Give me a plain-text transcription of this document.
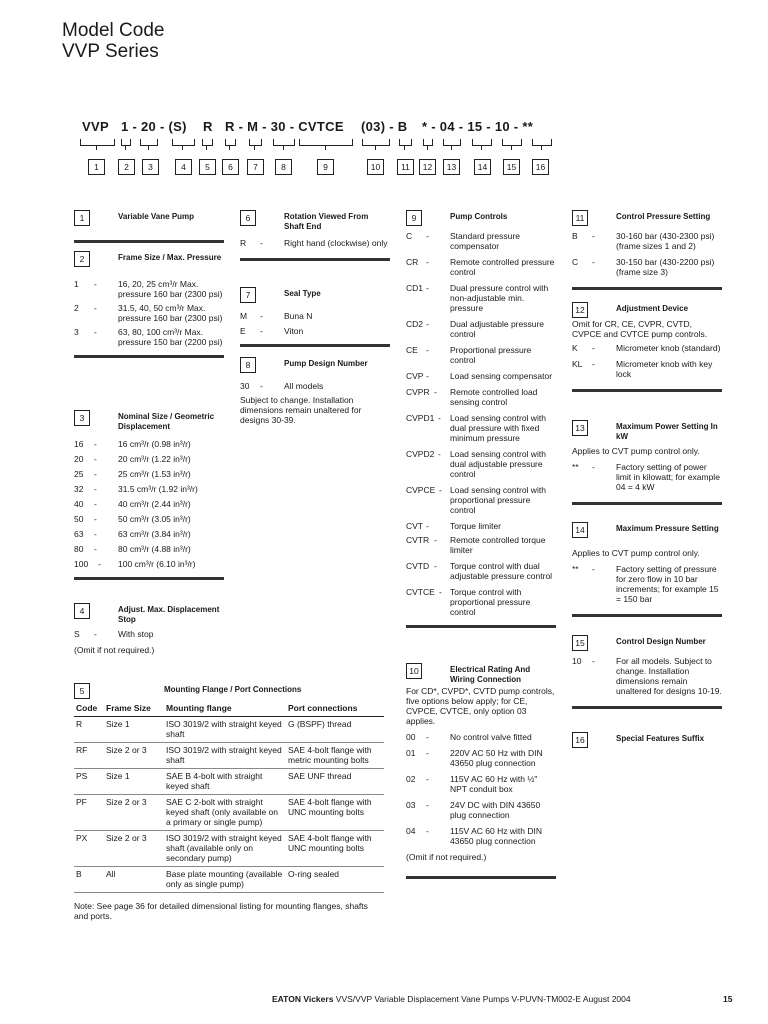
Model Code
VVP Series
VVP 1 - 20 - (S) R R - M - 30 - CVTCE (03) - B * - 04 - 15 - 10 - **
1	2	3	4	5	6	7	8	9	10	11	12	13	14	15	16
1	Variable Vane Pump
2	Frame Size / Max. Pressure
1 - 16, 20, 25 cm³/r Max. pressure 160 bar (2300 psi)
2 - 31.5, 40, 50 cm³/r Max. pressure 160 bar (2300 psi)
3 - 63, 80, 100 cm³/r Max. pressure 150 bar (2200 psi)
3	Nominal Size / Geometric Displacement
16 - 16 cm³/r (0.98 in³/r)
20 - 20 cm³/r (1.22 in³/r)
25 - 25 cm³/r (1.53 in³/r)
32 - 31.5 cm³/r (1.92 in³/r)
40 - 40 cm³/r (2.44 in³/r)
50 - 50 cm³/r (3.05 in³/r)
63 - 63 cm³/r (3.84 in³/r)
80 - 80 cm³/r (4.88 in³/r)
100 - 100 cm³/r (6.10 in³/r)
4	Adjust. Max. Displacement Stop
S - With stop
(Omit if not required.)
5	Mounting Flange / Port Connections
Code	Frame Size	Mounting flange	Port connections
R	Size 1	ISO 3019/2 with straight keyed shaft	G (BSPF) thread
RF	Size 2 or 3	ISO 3019/2 with straight keyed shaft	SAE 4-bolt flange with metric mounting bolts
PS	Size 1	SAE B 4-bolt with straight keyed shaft	SAE UNF thread
PF	Size 2 or 3	SAE C 2-bolt with straight keyed shaft (only available on a primary or single pump)	SAE 4-bolt flange with UNC mounting bolts
PX	Size 2 or 3	ISO 3019/2 with straight keyed shaft (available only on secondary pump)	SAE 4-bolt flange with UNC mounting bolts
B	All	Base plate mounting (available only as single pump)	O-ring sealed
Note: See page 36 for detailed dimensional listing for mounting flanges, shafts and ports.
6	Rotation Viewed From Shaft End
R - Right hand (clockwise) only
7	Seal Type
M - Buna N
E - Viton
8	Pump Design Number
30 - All models
Subject to change. Installation dimensions remain unaltered for designs 30-39.
9	Pump Controls
C - Standard pressure compensator
CR - Remote controlled pressure control
CD1 - Dual pressure control with non-adjustable min. pressure
CD2 - Dual adjustable pressure control
CE - Proportional pressure control
CVP - Load sensing compensator
CVPR - Remote controlled load sensing control
CVPD1 - Load sensing control with dual pressure with fixed minimum pressure
CVPD2 - Load sensing control with dual adjustable pressure control
CVPCE - Load sensing control with proportional pressure control
CVT - Torque limiter
CVTR - Remote controlled torque limiter
CVTD - Torque control with dual adjustable pressure control
CVTCE - Torque control with proportional pressure control
10	Electrical Rating And Wiring Connection
For CD*, CVPD*, CVTD pump controls, five options below apply; for CE, CVPCE, CVTCE, only option 03 applies.
00 - No control valve fitted
01 - 220V AC 50 Hz with DIN 43650 plug connection
02 - 115V AC 60 Hz with ½" NPT conduit box
03 - 24V DC with DIN 43650 plug connection
04 - 115V AC 60 Hz with DIN 43650 plug connection
(Omit if not required.)
11	Control Pressure Setting
B - 30-160 bar (430-2300 psi) (frame sizes 1 and 2)
C - 30-150 bar (430-2200 psi) (frame size 3)
12	Adjustment Device
Omit for CR, CE, CVPR, CVTD, CVPCE and CVTCE pump controls.
K - Micrometer knob (standard)
KL - Micrometer knob with key lock
13	Maximum Power Setting In kW
Applies to CVT pump control only.
** - Factory setting of power limit in kilowatt; for example 04 = 4 kW
14	Maximum Pressure Setting
Applies to CVT pump control only.
** - Factory setting of pressure for zero flow in 10 bar increments; for example 15 = 150 bar
15	Control Design Number
10 - For all models. Subject to change. Installation dimensions remain unaltered for designs 10-19.
16	Special Features Suffix
EATON Vickers VVS/VVP Variable Displacement Vane Pumps V-PUVN-TM002-E August 2004	15
